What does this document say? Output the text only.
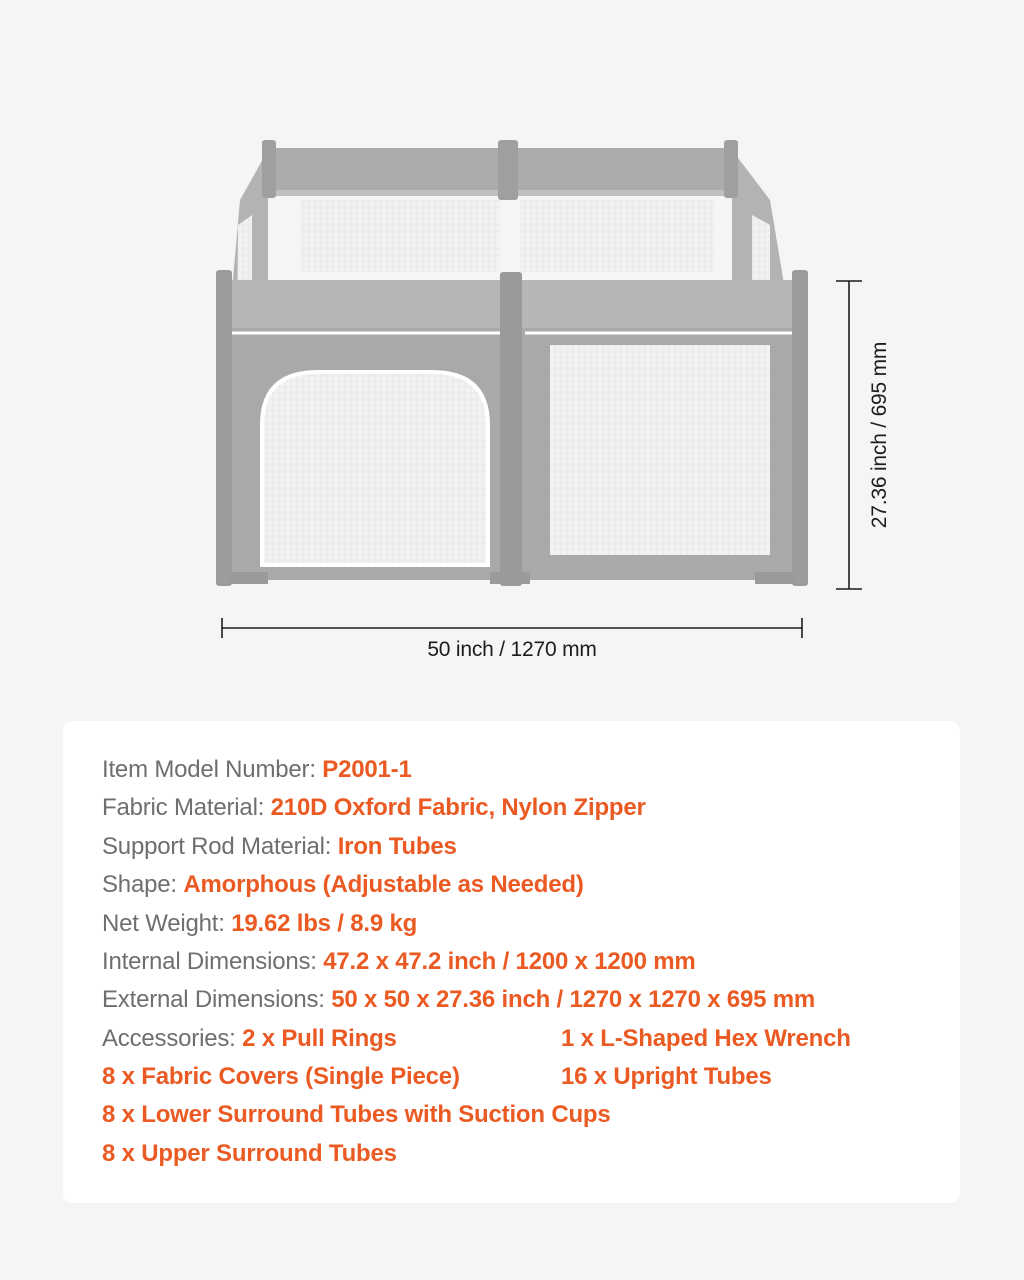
50 inch / 1270 mm
27.36 inch / 695 mm
Item Model Number: P2001-1
Fabric Material: 210D Oxford Fabric, Nylon Zipper
Support Rod Material: Iron Tubes
Shape: Amorphous (Adjustable as Needed)
Net Weight: 19.62 lbs / 8.9 kg
Internal Dimensions: 47.2 x 47.2 inch / 1200 x 1200 mm
External Dimensions: 50 x 50 x 27.36 inch / 1270 x 1270 x 695 mm
Accessories: 2 x Pull Rings	1 x L-Shaped Hex Wrench
8 x Fabric Covers (Single Piece)	16 x Upright Tubes
8 x Lower Surround Tubes with Suction Cups
8 x Upper Surround Tubes
